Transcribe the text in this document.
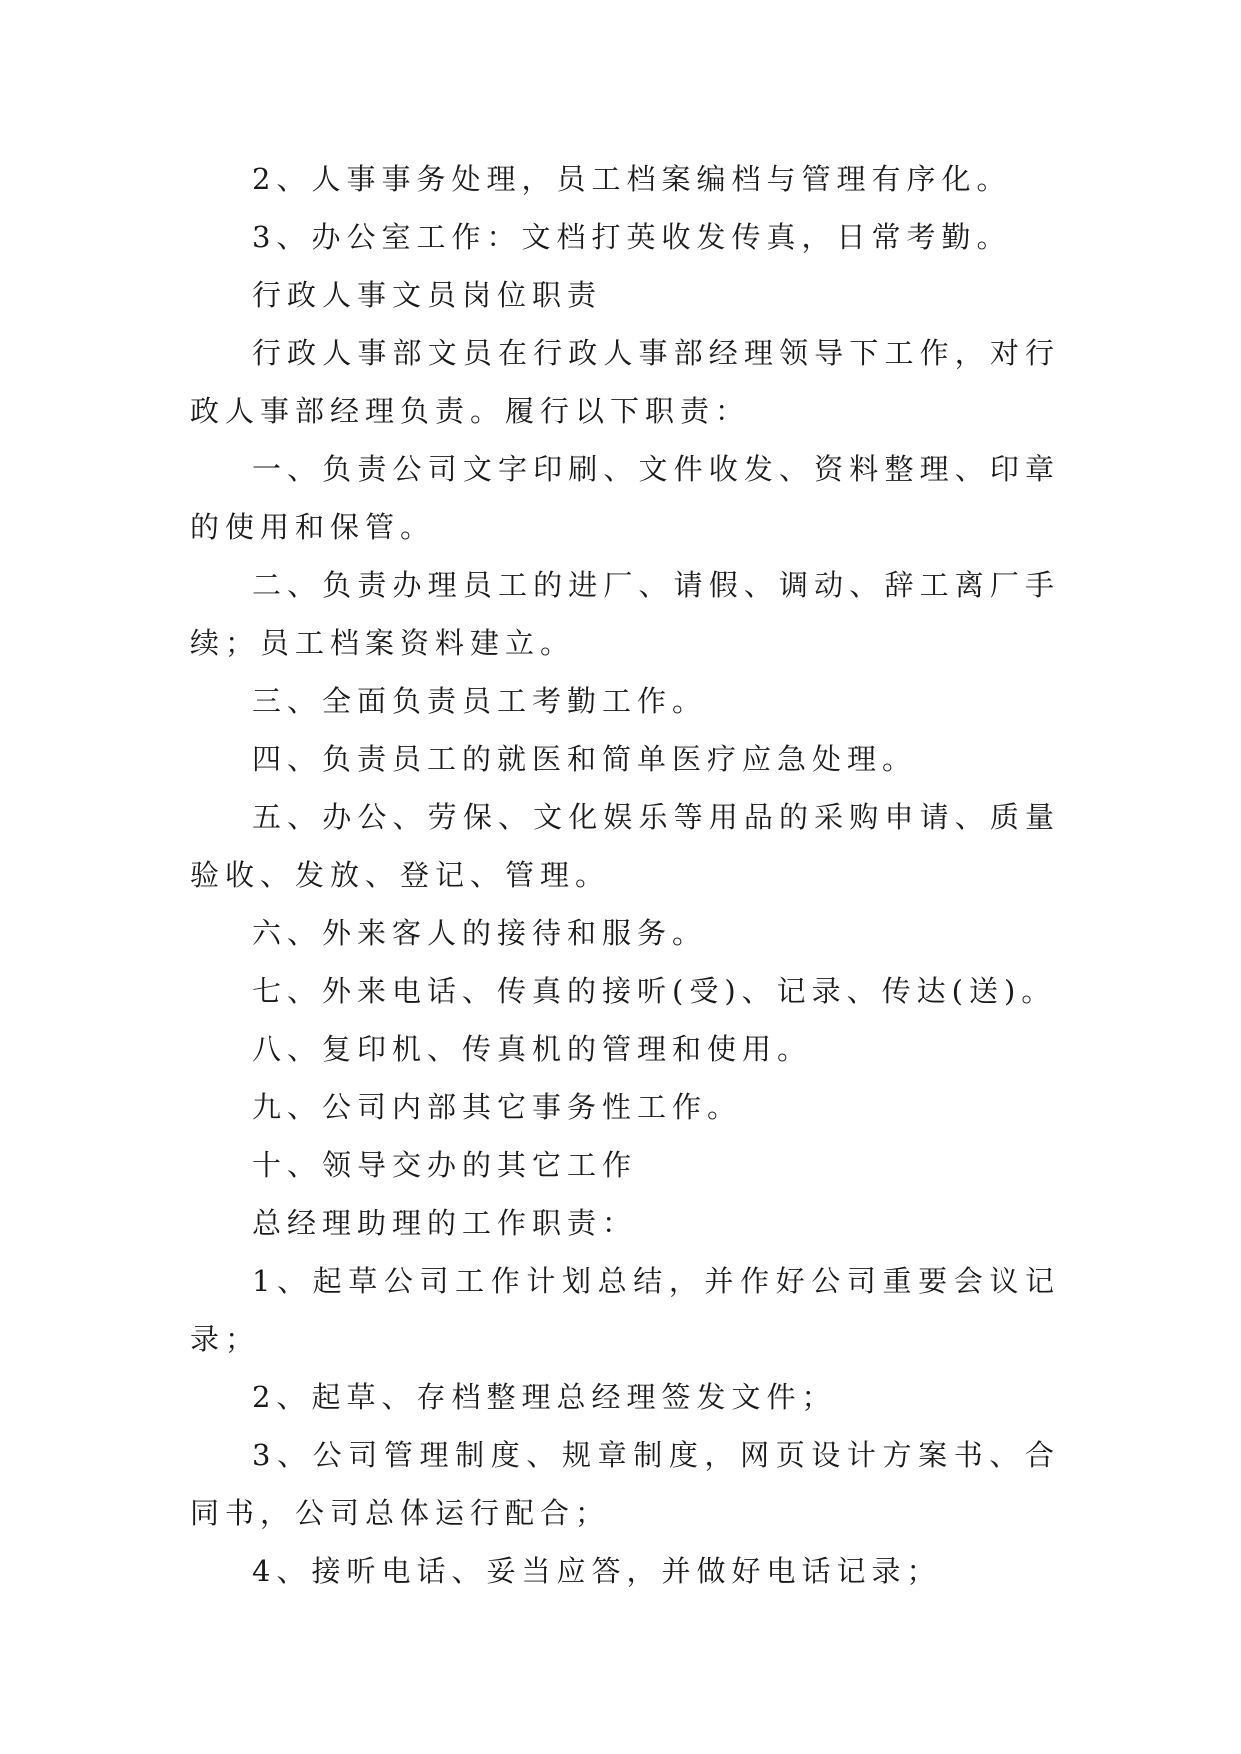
2、人事事务处理，员工档案编档与管理有序化。

3、办公室工作：文档打英收发传真，日常考勤。

行政人事文员岗位职责

行政人事部文员在行政人事部经理领导下工作，对行政人事部经理负责。履行以下职责：

一、负责公司文字印刷、文件收发、资料整理、印章的使用和保管。

二、负责办理员工的进厂、请假、调动、辞工离厂手续；员工档案资料建立。

三、全面负责员工考勤工作。

四、负责员工的就医和简单医疗应急处理。

五、办公、劳保、文化娱乐等用品的采购申请、质量验收、发放、登记、管理。

六、外来客人的接待和服务。

七、外来电话、传真的接听(受)、记录、传达(送)。

八、复印机、传真机的管理和使用。

九、公司内部其它事务性工作。

十、领导交办的其它工作

总经理助理的工作职责：

1、起草公司工作计划总结，并作好公司重要会议记录；

2、起草、存档整理总经理签发文件；

3、公司管理制度、规章制度，网页设计方案书、合同书，公司总体运行配合；

4、接听电话、妥当应答，并做好电话记录；
